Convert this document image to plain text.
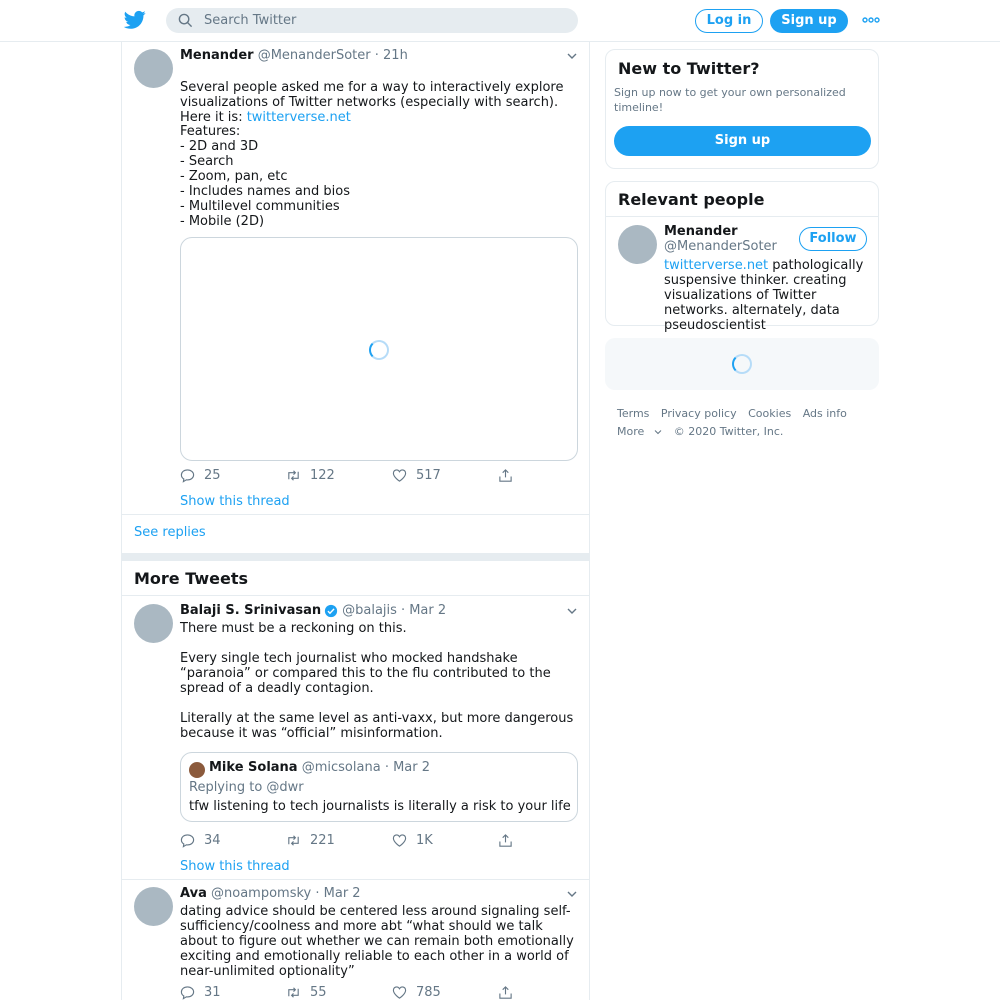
Search Twitter
Log in	Sign up
Menander @MenanderSoter · 21h

Several people asked me for a way to interactively explore visualizations of Twitter networks (especially with search). Here it is: twitterverse.net

Features:
- 2D and 3D
- Search
- Zoom, pan, etc
- Includes names and bios
- Multilevel communities
- Mobile (2D)
25	122	517
Show this thread
See replies
More Tweets
Balaji S. Srinivasan @balajis · Mar 2
There must be a reckoning on this.

Every single tech journalist who mocked handshake “paranoia” or compared this to the flu contributed to the spread of a deadly contagion.

Literally at the same level as anti-vaxx, but more dangerous because it was “official” misinformation.
Mike Solana @micsolana · Mar 2
Replying to @dwr
tfw listening to tech journalists is literally a risk to your life
34	221	1K
Show this thread
Ava @noampomsky · Mar 2
dating advice should be centered less around signaling self-sufficiency/coolness and more abt “what should we talk about to figure out whether we can remain both emotionally exciting and emotionally reliable to each other in a world of near-unlimited optionality”
31	55	785
New to Twitter?
Sign up now to get your own personalized timeline!
Sign up
Relevant people
Menander
@MenanderSoter
Follow
twitterverse.net pathologically suspensive thinker. creating visualizations of Twitter networks. alternately, data pseudoscientist
Terms Privacy policy Cookies Ads info
More	© 2020 Twitter, Inc.
